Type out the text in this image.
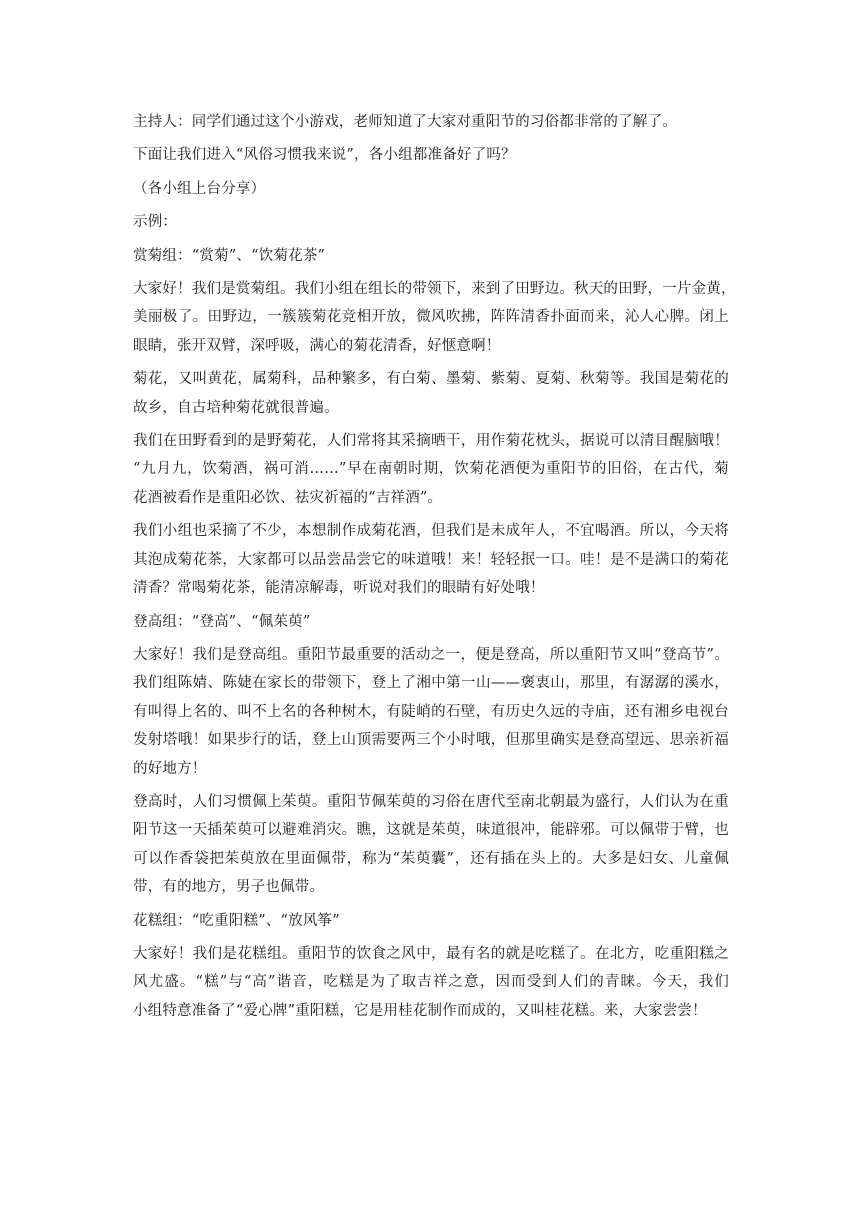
主持人：同学们通过这个小游戏，老师知道了大家对重阳节的习俗都非常的了解了。

下面让我们进入“风俗习惯我来说”，各小组都准备好了吗？

（各小组上台分享）

示例：

赏菊组：“赏菊”、“饮菊花茶”

大家好！我们是赏菊组。我们小组在组长的带领下，来到了田野边。秋天的田野，一片金黄，
美丽极了。田野边，一簇簇菊花竞相开放，微风吹拂，阵阵清香扑面而来，沁人心脾。闭上
眼睛，张开双臂，深呼吸，满心的菊花清香，好惬意啊！

菊花，又叫黄花，属菊科，品种繁多，有白菊、墨菊、紫菊、夏菊、秋菊等。我国是菊花的
故乡，自古培种菊花就很普遍。

我们在田野看到的是野菊花，人们常将其采摘晒干，用作菊花枕头，据说可以清目醒脑哦！
“九月九，饮菊酒，祸可消……”早在南朝时期，饮菊花酒便为重阳节的旧俗，在古代，菊
花酒被看作是重阳必饮、祛灾祈福的“吉祥酒”。

我们小组也采摘了不少，本想制作成菊花酒，但我们是未成年人，不宜喝酒。所以，今天将
其泡成菊花茶，大家都可以品尝品尝它的味道哦！来！轻轻抿一口。哇！是不是满口的菊花
清香？常喝菊花茶，能清凉解毒，听说对我们的眼睛有好处哦！

登高组：“登高”、“佩茱萸”

大家好！我们是登高组。重阳节最重要的活动之一，便是登高，所以重阳节又叫“登高节”。
我们组陈婧、陈婕在家长的带领下，登上了湘中第一山——褒衷山，那里，有潺潺的溪水，
有叫得上名的、叫不上名的各种树木，有陡峭的石壁，有历史久远的寺庙，还有湘乡电视台
发射塔哦！如果步行的话，登上山顶需要两三个小时哦，但那里确实是登高望远、思亲祈福
的好地方！

登高时，人们习惯佩上茱萸。重阳节佩茱萸的习俗在唐代至南北朝最为盛行，人们认为在重
阳节这一天插茱萸可以避难消灾。瞧，这就是茱萸，味道很冲，能辟邪。可以佩带于臂，也
可以作香袋把茱萸放在里面佩带，称为“茱萸囊”，还有插在头上的。大多是妇女、儿童佩
带，有的地方，男子也佩带。

花糕组：“吃重阳糕”、“放风筝”

大家好！我们是花糕组。重阳节的饮食之风中，最有名的就是吃糕了。在北方，吃重阳糕之
风尤盛。“糕”与“高”谐音，吃糕是为了取吉祥之意，因而受到人们的青睐。今天，我们
小组特意准备了“爱心牌”重阳糕，它是用桂花制作而成的，又叫桂花糕。来，大家尝尝！
